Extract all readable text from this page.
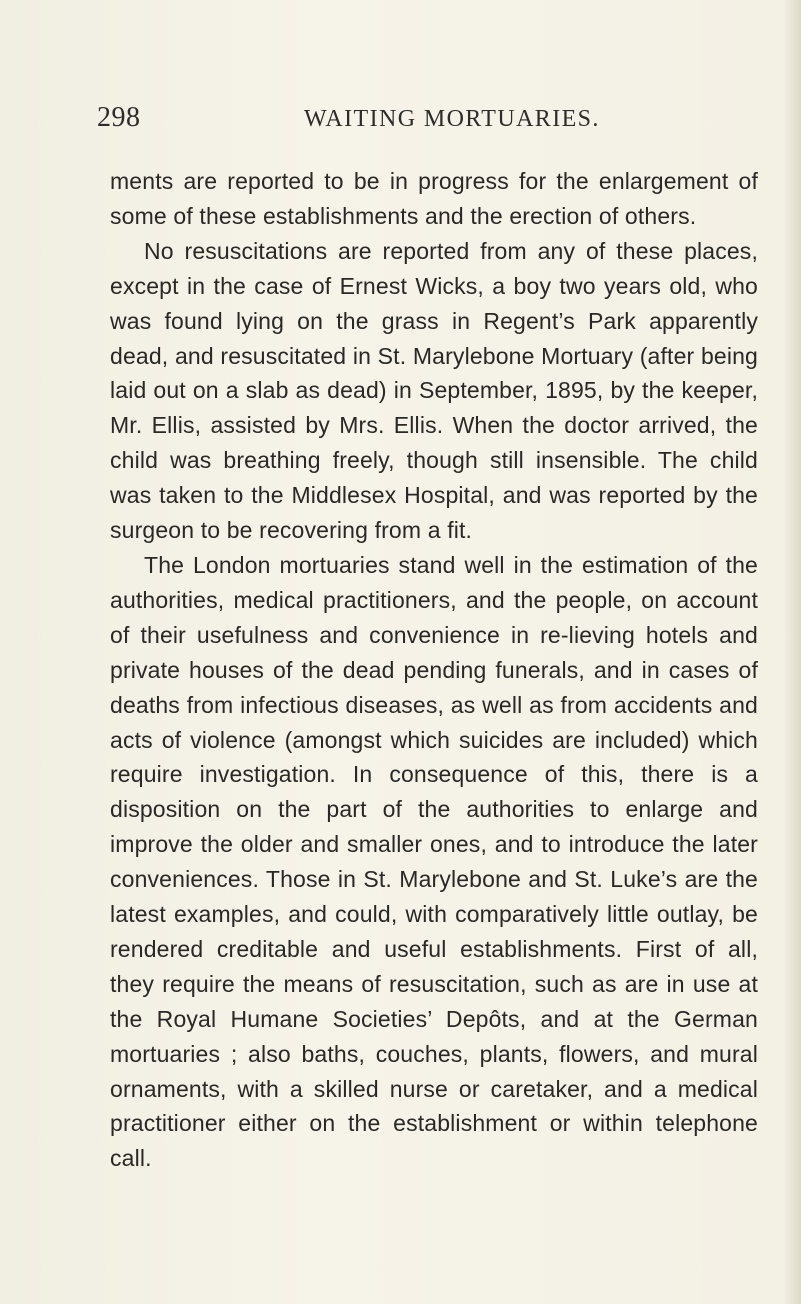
298	WAITING MORTUARIES.

ments are reported to be in progress for the enlargement of some of these establishments and the erection of others.

No resuscitations are reported from any of these places, except in the case of Ernest Wicks, a boy two years old, who was found lying on the grass in Regent’s Park apparently dead, and resuscitated in St. Marylebone Mortuary (after being laid out on a slab as dead) in September, 1895, by the keeper, Mr. Ellis, assisted by Mrs. Ellis. When the doctor arrived, the child was breathing freely, though still insensible. The child was taken to the Middlesex Hospital, and was reported by the surgeon to be recovering from a fit.

The London mortuaries stand well in the estimation of the authorities, medical practitioners, and the people, on account of their usefulness and convenience in re-lieving hotels and private houses of the dead pending funerals, and in cases of deaths from infectious diseases, as well as from accidents and acts of violence (amongst which suicides are included) which require investigation. In consequence of this, there is a disposition on the part of the authorities to enlarge and improve the older and smaller ones, and to introduce the later conveniences. Those in St. Marylebone and St. Luke’s are the latest examples, and could, with comparatively little outlay, be rendered creditable and useful establishments. First of all, they require the means of resuscitation, such as are in use at the Royal Humane Societies’ Depôts, and at the German mortuaries ; also baths, couches, plants, flowers, and mural ornaments, with a skilled nurse or caretaker, and a medical practitioner either on the establishment or within telephone call.
